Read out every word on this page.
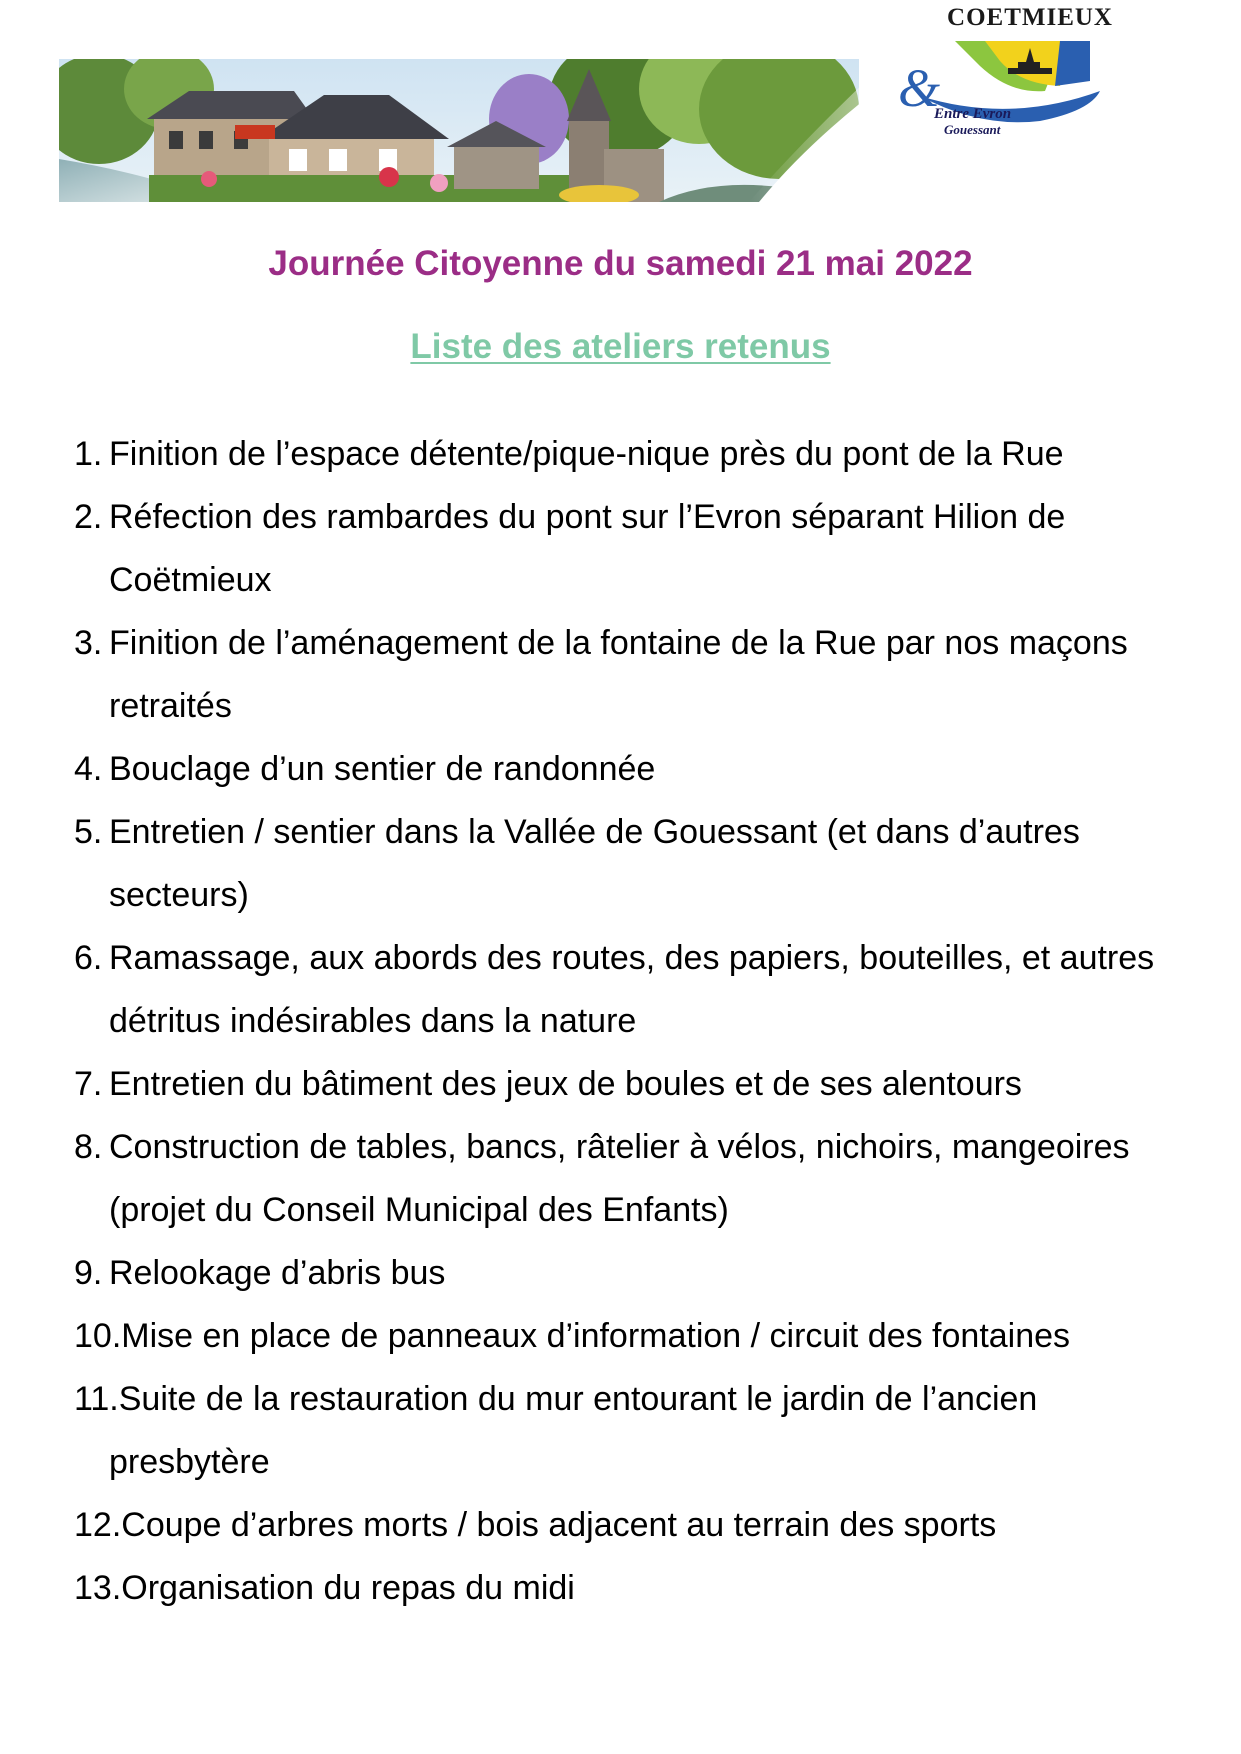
COETMIEUX
&
Entre Evron
Gouessant
Journée Citoyenne du samedi 21 mai 2022
Liste des ateliers retenus
1. Finition de l’espace détente/pique-nique près du pont de la Rue
2. Réfection des rambardes du pont sur l’Evron séparant Hilion de Coëtmieux
3. Finition de l’aménagement de la fontaine de la Rue par nos maçons retraités
4. Bouclage d’un sentier de randonnée
5. Entretien / sentier dans la Vallée de Gouessant (et dans d’autres secteurs)
6. Ramassage, aux abords des routes, des papiers, bouteilles, et autres détritus indésirables dans la nature
7. Entretien du bâtiment des jeux de boules et de ses alentours
8. Construction de tables, bancs, râtelier à vélos, nichoirs, mangeoires (projet du Conseil Municipal des Enfants)
9. Relookage d’abris bus
10. Mise en place de panneaux d’information / circuit des fontaines
11. Suite de la restauration du mur entourant le jardin de l’ancien presbytère
12. Coupe d’arbres morts / bois adjacent au terrain des sports
13. Organisation du repas du midi
